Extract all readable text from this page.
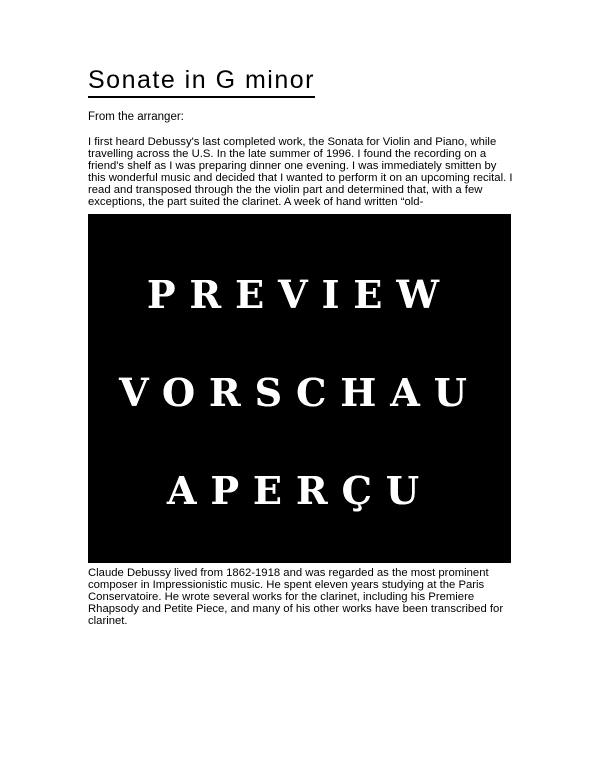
Sonate in G minor
From the arranger:
I first heard Debussy's last completed work, the Sonata for Violin and Piano, while travelling across the U.S. In the late summer of 1996. I found the recording on a friend's shelf as I was preparing dinner one evening. I was immediately smitten by this wonderful music and decided that I wanted to perform it on an upcoming recital. I read and transposed through the the violin part and determined that, with a few exceptions, the part suited the clarinet. A week of hand written “old-
PREVIEW
VORSCHAU
APERÇU
Claude Debussy lived from 1862-1918 and was regarded as the most prominent composer in Impressionistic music. He spent eleven years studying at the Paris Conservatoire. He wrote several works for the clarinet, including his Premiere Rhapsody and Petite Piece, and many of his other works have been transcribed for clarinet.
